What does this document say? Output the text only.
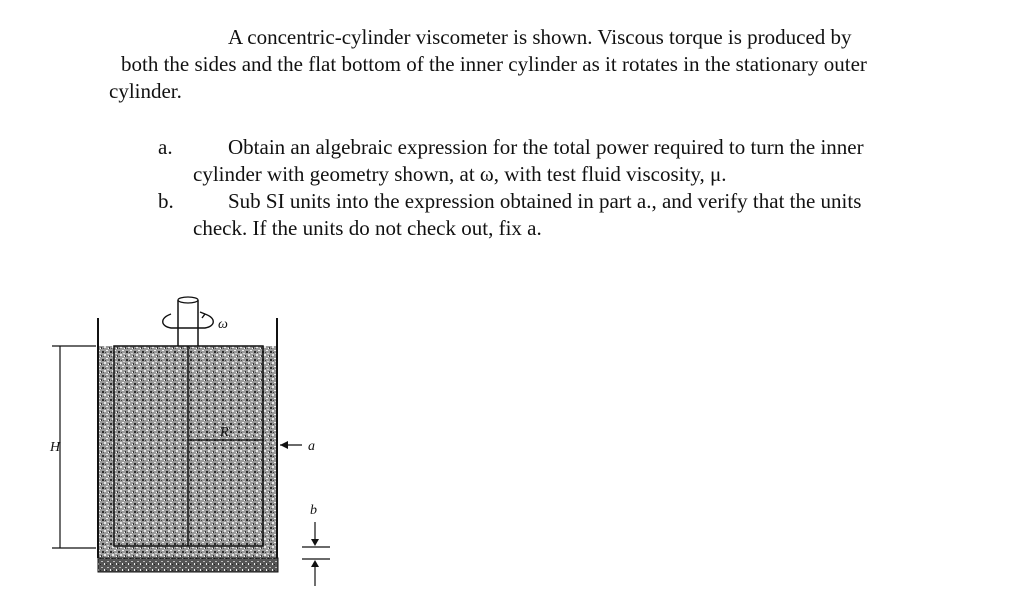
A concentric-cylinder viscometer is shown. Viscous torque is produced by
both the sides and the flat bottom of the inner cylinder as it rotates in the stationary outer
cylinder.
a.	Obtain an algebraic expression for the total power required to turn the inner
cylinder with geometry shown, at ω, with test fluid viscosity, μ.
b.	Sub SI units into the expression obtained in part a., and verify that the units
check. If the units do not check out, fix a.
ω
H
R
a
b
